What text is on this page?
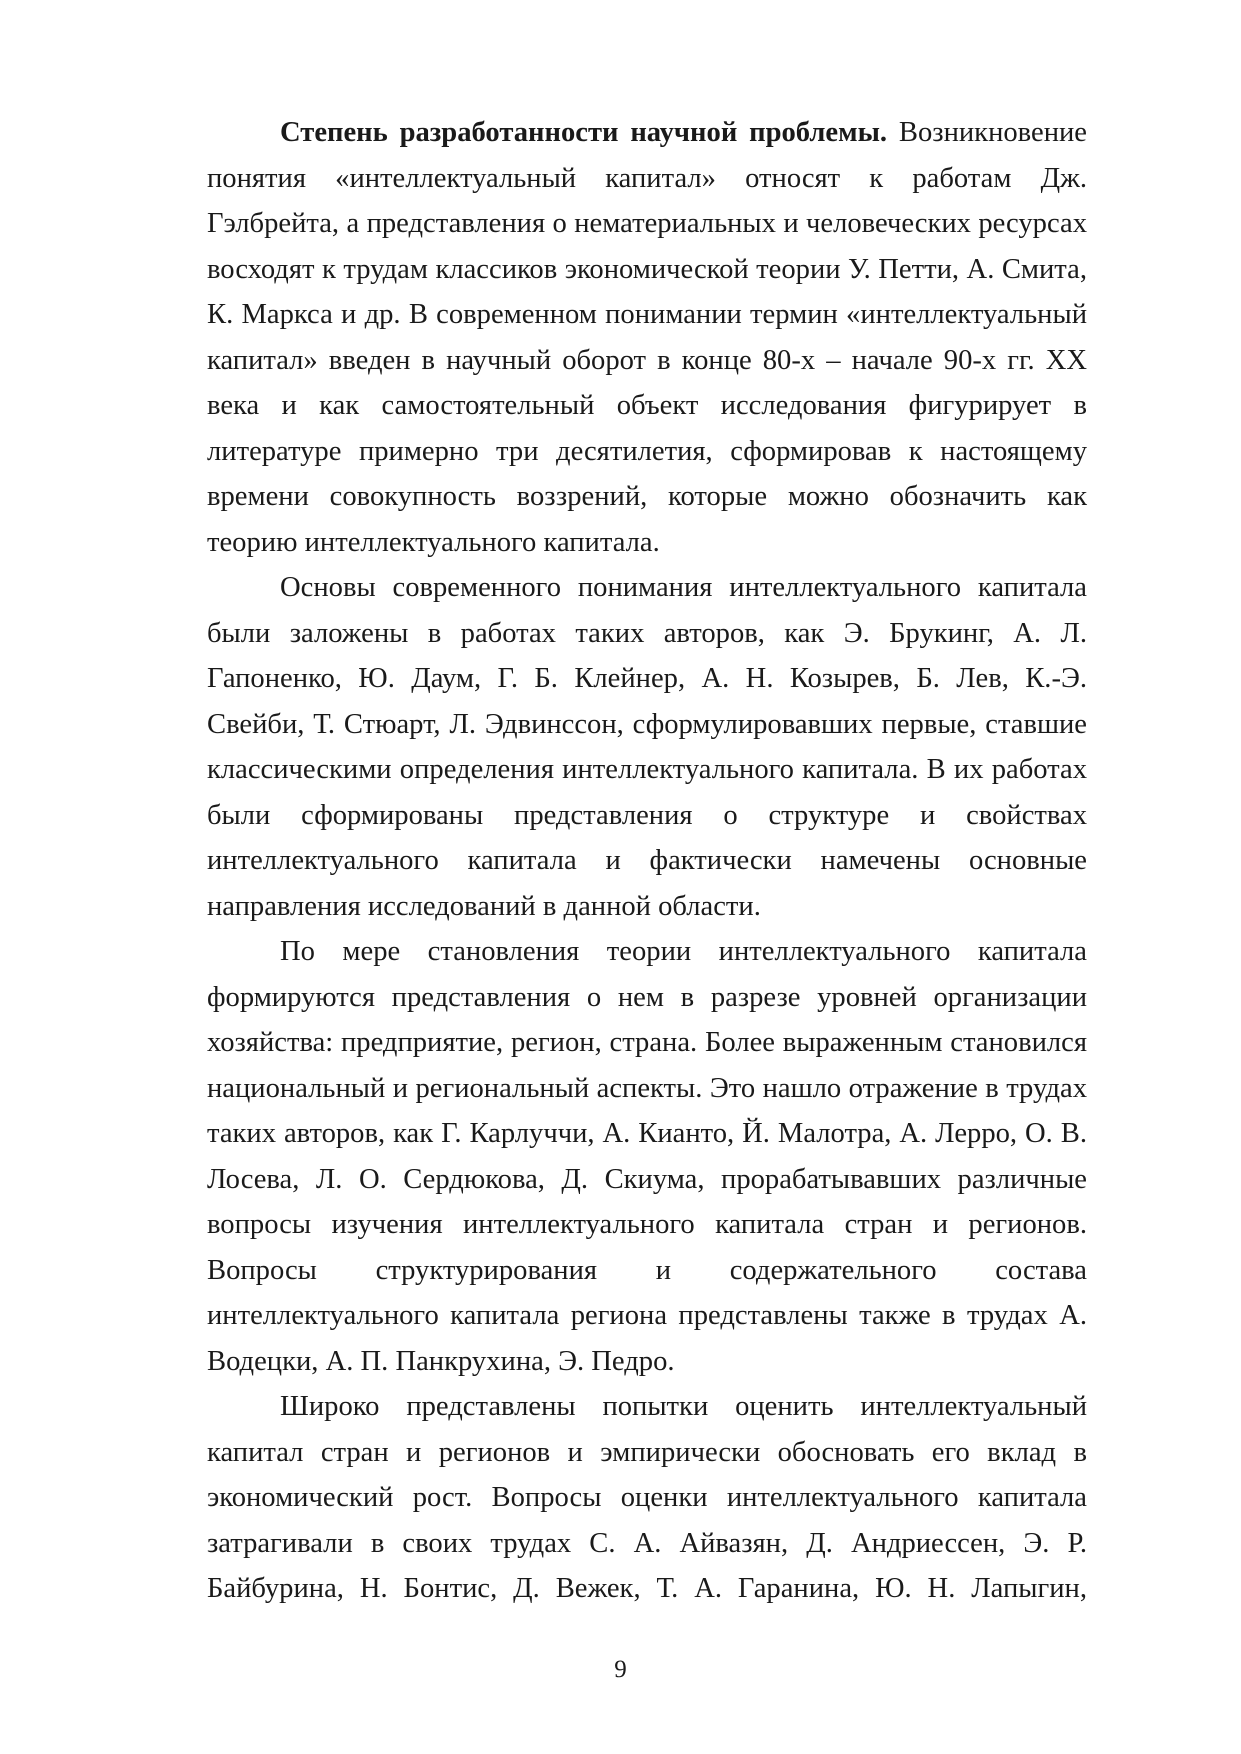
Степень разработанности научной проблемы. Возникновение понятия «интеллектуальный капитал» относят к работам Дж. Гэлбрейта, а представления о нематериальных и человеческих ресурсах восходят к трудам классиков экономической теории У. Петти, А. Смита, К. Маркса и др. В современном понимании термин «интеллектуальный капитал» введен в научный оборот в конце 80-х – начале 90-х гг. XX века и как самостоятельный объект исследования фигурирует в литературе примерно три десятилетия, сформировав к настоящему времени совокупность воззрений, которые можно обозначить как теорию интеллектуального капитала.

Основы современного понимания интеллектуального капитала были заложены в работах таких авторов, как Э. Брукинг, А. Л. Гапоненко, Ю. Даум, Г. Б. Клейнер, А. Н. Козырев, Б. Лев, К.-Э. Свейби, Т. Стюарт, Л. Эдвинссон, сформулировавших первые, ставшие классическими определения интеллектуального капитала. В их работах были сформированы представления о структуре и свойствах интеллектуального капитала и фактически намечены основные направления исследований в данной области.

По мере становления теории интеллектуального капитала формируются представления о нем в разрезе уровней организации хозяйства: предприятие, регион, страна. Более выраженным становился национальный и региональный аспекты. Это нашло отражение в трудах таких авторов, как Г. Карлуччи, А. Кианто, Й. Малотра, А. Лерро, О. В. Лосева, Л. О. Сердюкова, Д. Скиума, прорабатывавших различные вопросы изучения интеллектуального капитала стран и регионов. Вопросы структурирования и содержательного состава интеллектуального капитала региона представлены также в трудах А. Водецки, А. П. Панкрухина, Э. Педро.

Широко представлены попытки оценить интеллектуальный капитал стран и регионов и эмпирически обосновать его вклад в экономический рост. Вопросы оценки интеллектуального капитала затрагивали в своих трудах С. А. Айвазян, Д. Андриессен, Э. Р. Байбурина, Н. Бонтис, Д. Вежек, Т. А. Гаранина, Ю. Н. Лапыгин,

9
